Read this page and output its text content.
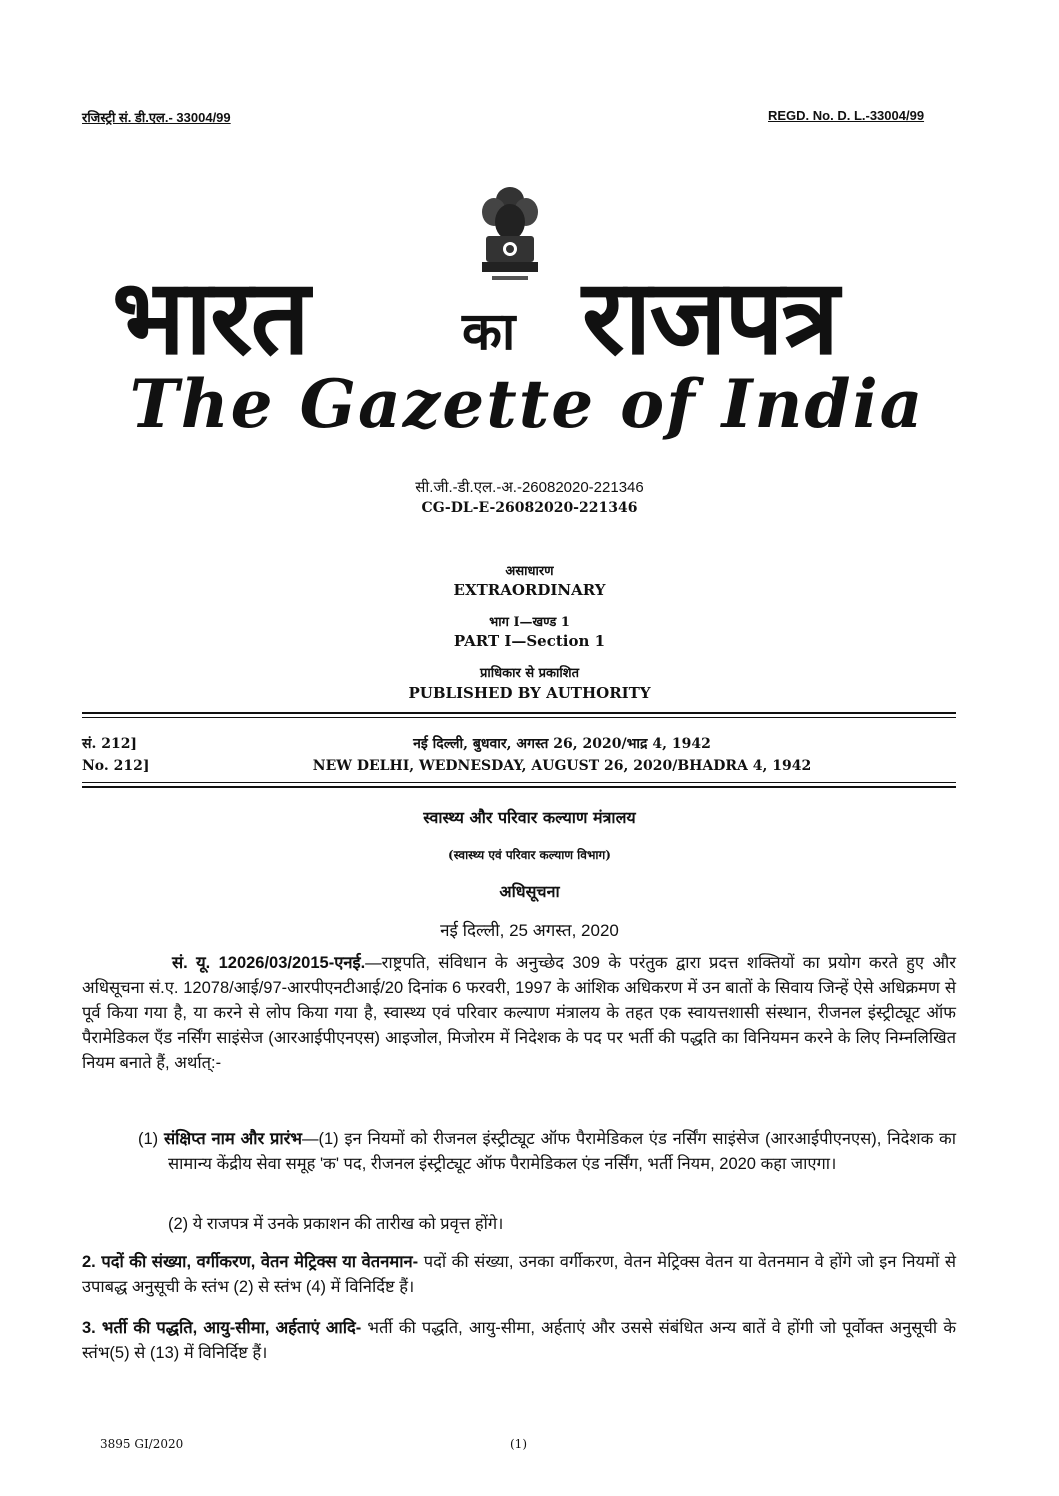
रजिस्ट्री सं. डी.एल.- 33004/99	REGD. No. D. L.-33004/99
भारत	का राजपत्र
The Gazette of India
सी.जी.-डी.एल.-अ.-26082020-221346
CG-DL-E-26082020-221346
असाधारण
EXTRAORDINARY
भाग I—खण्ड 1
PART I—Section 1
प्राधिकार से प्रकाशित
PUBLISHED BY AUTHORITY
सं. 212]	नई दिल्ली, बुधवार, अगस्त 26, 2020/भाद्र 4, 1942
No. 212]	NEW DELHI, WEDNESDAY, AUGUST 26, 2020/BHADRA 4, 1942
स्वास्थ्य और परिवार कल्याण मंत्रालय
(स्वास्थ्य एवं परिवार कल्याण विभाग)
अधिसूचना
नई दिल्ली, 25 अगस्त, 2020
सं. यू. 12026/03/2015-एनई.—राष्ट्रपति, संविधान के अनुच्छेद 309 के परंतुक द्वारा प्रदत्त शक्तियों का प्रयोग करते हुए और अधिसूचना सं.ए. 12078/आई/97-आरपीएनटीआई/20 दिनांक 6 फरवरी, 1997 के आंशिक अधिकरण में उन बातों के सिवाय जिन्हें ऐसे अधिक्रमण से पूर्व किया गया है, या करने से लोप किया गया है, स्वास्थ्य एवं परिवार कल्याण मंत्रालय के तहत एक स्वायत्तशासी संस्थान, रीजनल इंस्ट्रीट्यूट ऑफ पैरामेडिकल ऍंड नर्सिंग साइंसेज (आरआईपीएनएस) आइजोल, मिजोरम में निदेशक के पद पर भर्ती की पद्धति का विनियमन करने के लिए निम्नलिखित नियम बनाते हैं, अर्थात्:-
(1) संक्षिप्त नाम और प्रारंभ—(1) इन नियमों को रीजनल इंस्ट्रीट्यूट ऑफ पैरामेडिकल एंड नर्सिंग साइंसेज (आरआईपीएनएस), निदेशक का सामान्य केंद्रीय सेवा समूह 'क' पद, रीजनल इंस्ट्रीट्यूट ऑफ पैरामेडिकल एंड नर्सिंग, भर्ती नियम, 2020 कहा जाएगा।
(2) ये राजपत्र में उनके प्रकाशन की तारीख को प्रवृत्त होंगे।
2. पदों की संख्या, वर्गीकरण, वेतन मेट्रिक्स या वेतनमान- पदों की संख्या, उनका वर्गीकरण, वेतन मेट्रिक्स वेतन या वेतनमान वे होंगे जो इन नियमों से उपाबद्ध अनुसूची के स्तंभ (2) से स्तंभ (4) में विनिर्दिष्ट हैं।
3. भर्ती की पद्धति, आयु-सीमा, अर्हताएं आदि- भर्ती की पद्धति, आयु-सीमा, अर्हताएं और उससे संबंधित अन्य बातें वे होंगी जो पूर्वोक्त अनुसूची के स्तंभ(5) से (13) में विनिर्दिष्ट हैं।
3895 GI/2020	(1)
